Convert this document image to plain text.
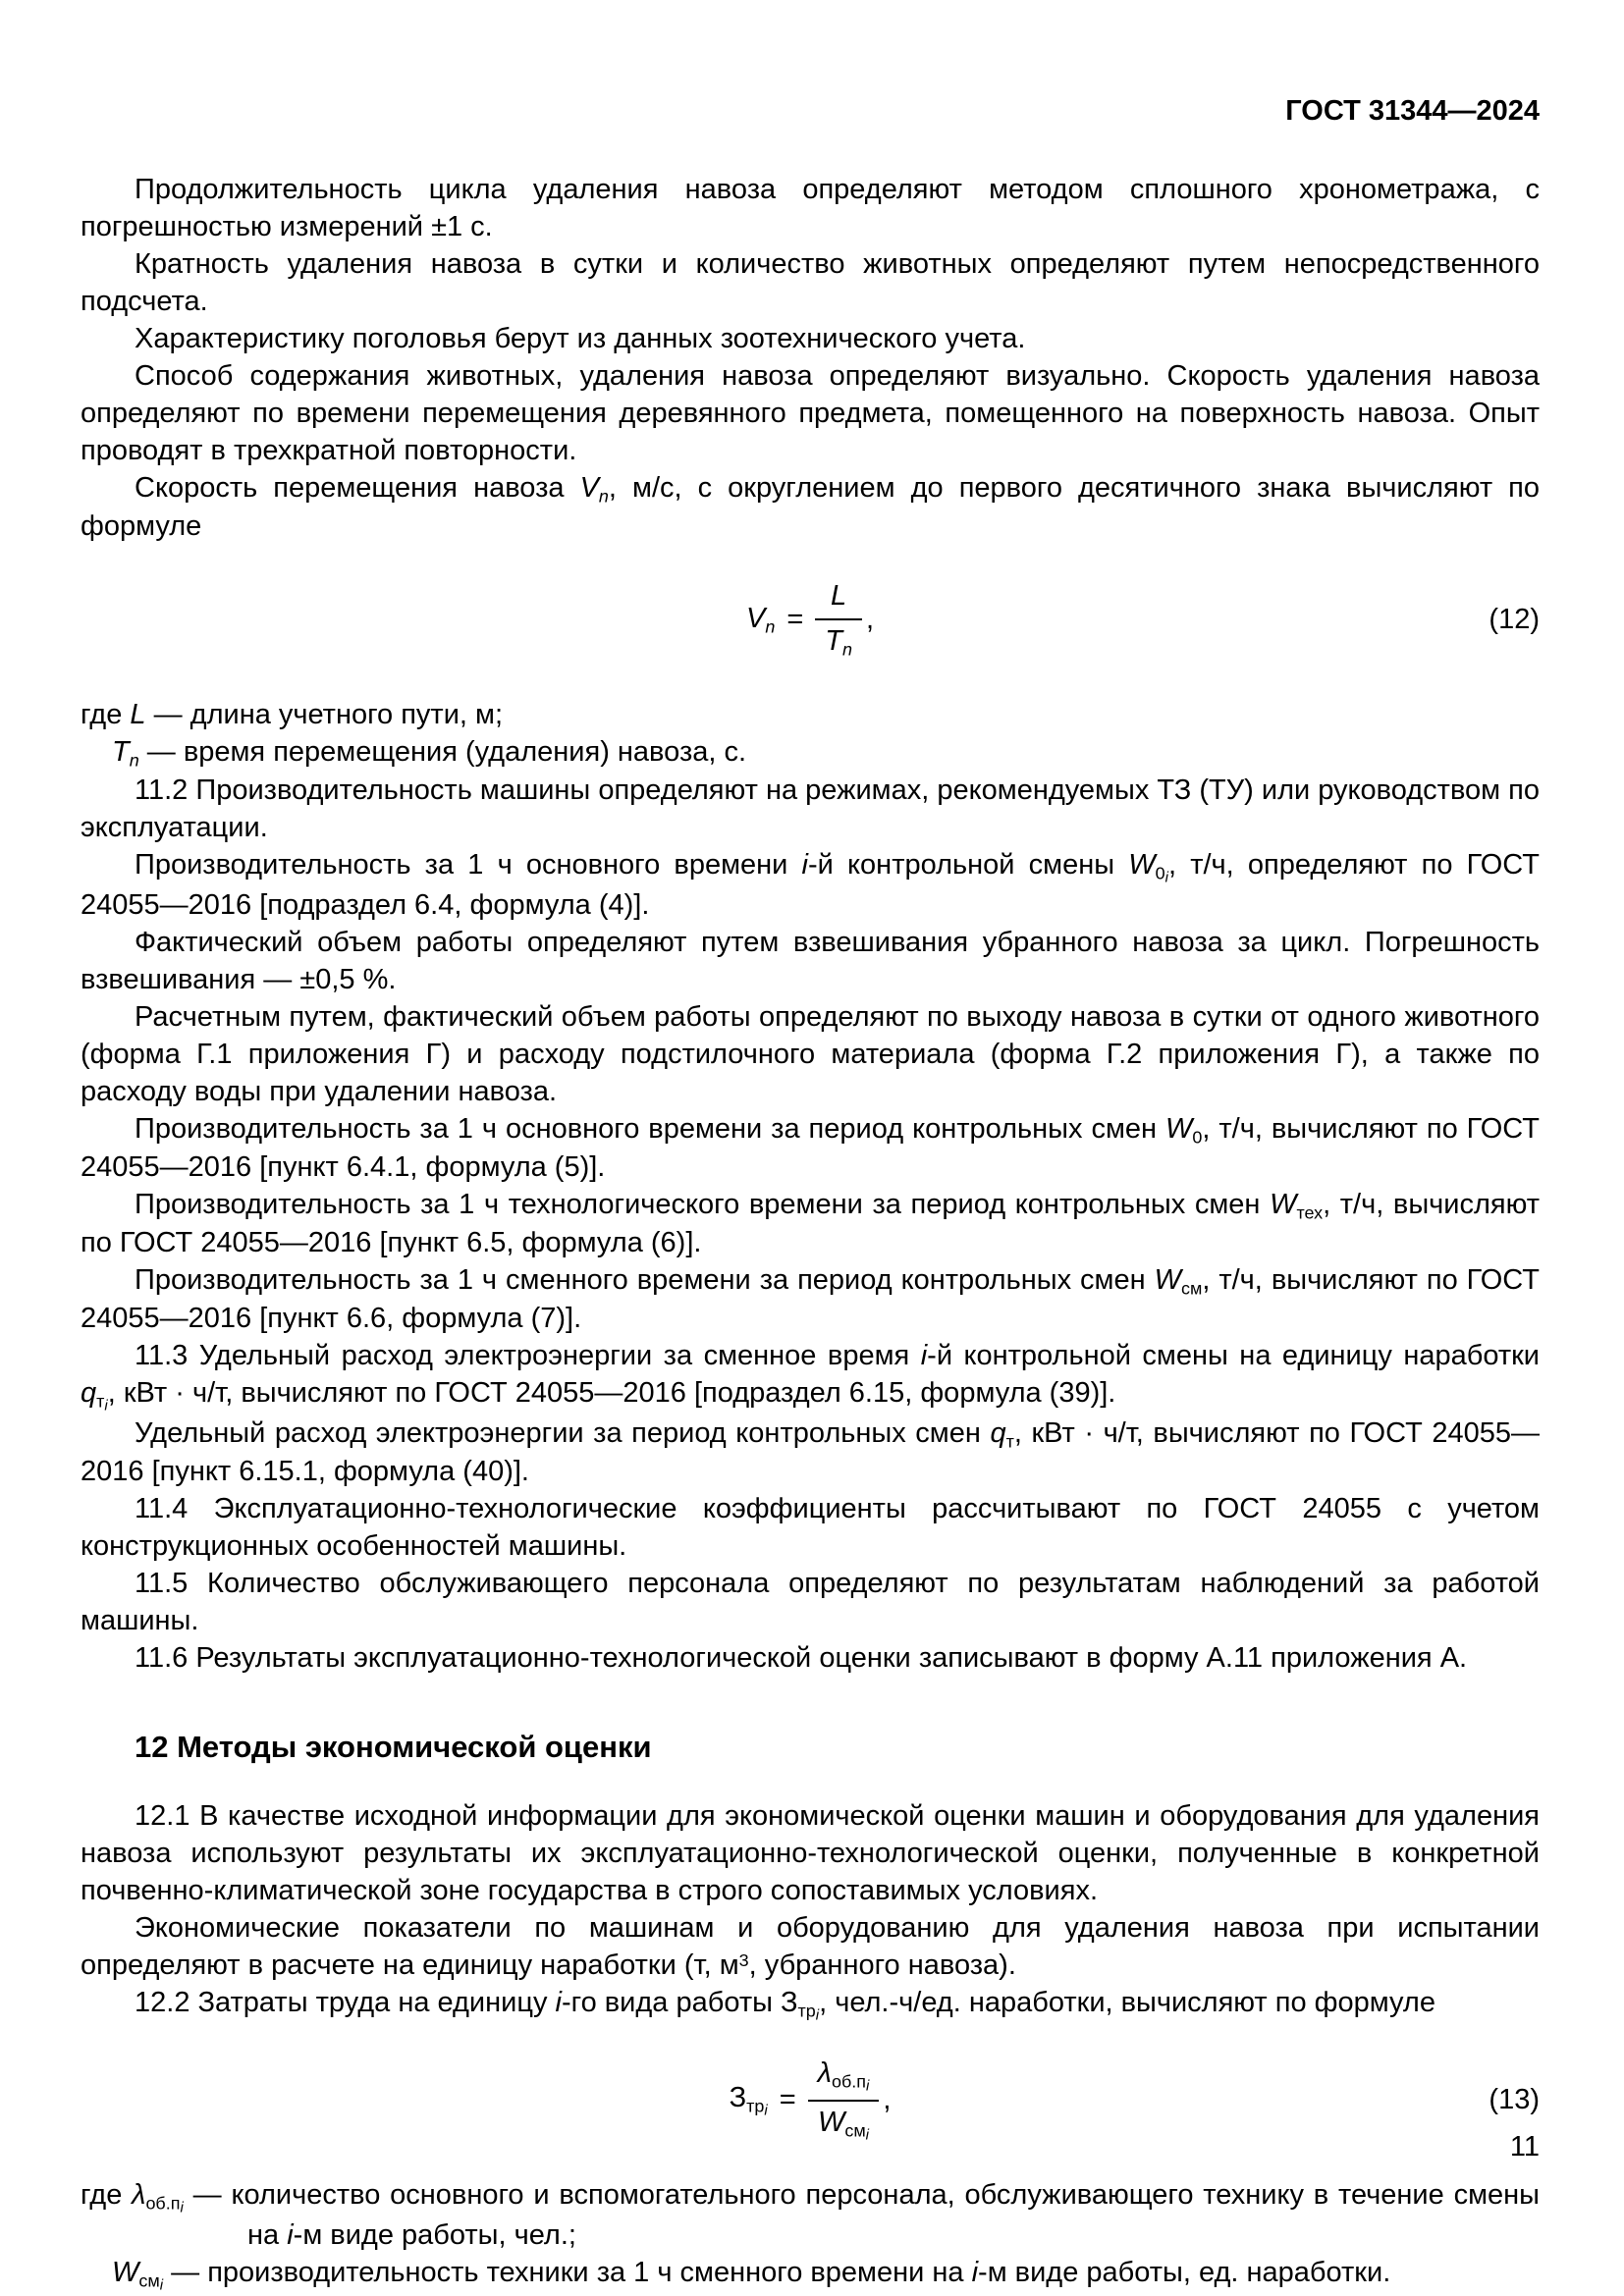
ГОСТ 31344—2024

Продолжительность цикла удаления навоза определяют методом сплошного хронометража, с погрешностью измерений ±1 с.

Кратность удаления навоза в сутки и количество животных определяют путем непосредственного подсчета.

Характеристику поголовья берут из данных зоотехнического учета.

Способ содержания животных, удаления навоза определяют визуально. Скорость удаления навоза определяют по времени перемещения деревянного предмета, помещенного на поверхность навоза. Опыт проводят в трехкратной повторности.

Скорость перемещения навоза Vn, м/с, с округлением до первого десятичного знака вычисляют по формуле

$Vn = \frac{L}{Tn}$ ,	(12)

где L — длина учетного пути, м;

Tn — время перемещения (удаления) навоза, с.

11.2 Производительность машины определяют на режимах, рекомендуемых ТЗ (ТУ) или руководством по эксплуатации.

Производительность за 1 ч основного времени i-й контрольной смены $W0_i$, т/ч, определяют по ГОСТ 24055—2016 [подраздел 6.4, формула (4)].

Фактический объем работы определяют путем взвешивания убранного навоза за цикл. Погрешность взвешивания — ±0,5 %.

Расчетным путем, фактический объем работы определяют по выходу навоза в сутки от одного животного (форма Г.1 приложения Г) и расходу подстилочного материала (форма Г.2 приложения Г), а также по расходу воды при удалении навоза.

Производительность за 1 ч основного времени за период контрольных смен W0, т/ч, вычисляют по ГОСТ 24055—2016 [пункт 6.4.1, формула (5)].

Производительность за 1 ч технологического времени за период контрольных смен Wтех, т/ч, вычисляют по ГОСТ 24055—2016 [пункт 6.5, формула (6)].

Производительность за 1 ч сменного времени за период контрольных смен Wсм, т/ч, вычисляют по ГОСТ 24055—2016 [пункт 6.6, формула (7)].

11.3 Удельный расход электроэнергии за сменное время i-й контрольной смены на единицу наработки $qт_i$, кВт · ч/т, вычисляют по ГОСТ 24055—2016 [подраздел 6.15, формула (39)].

Удельный расход электроэнергии за период контрольных смен qт, кВт · ч/т, вычисляют по ГОСТ 24055—2016 [пункт 6.15.1, формула (40)].

11.4 Эксплуатационно-технологические коэффициенты рассчитывают по ГОСТ 24055 с учетом конструкционных особенностей машины.

11.5 Количество обслуживающего персонала определяют по результатам наблюдений за работой машины.

11.6 Результаты эксплуатационно-технологической оценки записывают в форму А.11 приложения А.

12 Методы экономической оценки

12.1 В качестве исходной информации для экономической оценки машин и оборудования для удаления навоза используют результаты их эксплуатационно-технологической оценки, полученные в конкретной почвенно-климатической зоне государства в строго сопоставимых условиях.

Экономические показатели по машинам и оборудованию для удаления навоза при испытании определяют в расчете на единицу наработки (т, $м^3$, убранного навоза).

12.2 Затраты труда на единицу i-го вида работы Зтр$_i$, чел.-ч/ед. наработки, вычисляют по формуле

$Зтр_i = \frac{\lambda об.п_i}{Wсм_i}$ ,	(13)

где $\lambda об.п_i$ — количество основного и вспомогательного персонала, обслуживающего технику в течение смены на i-м виде работы, чел.;

Wсм$_i$ — производительность техники за 1 ч сменного времени на i-м виде работы, ед. наработки.

11
